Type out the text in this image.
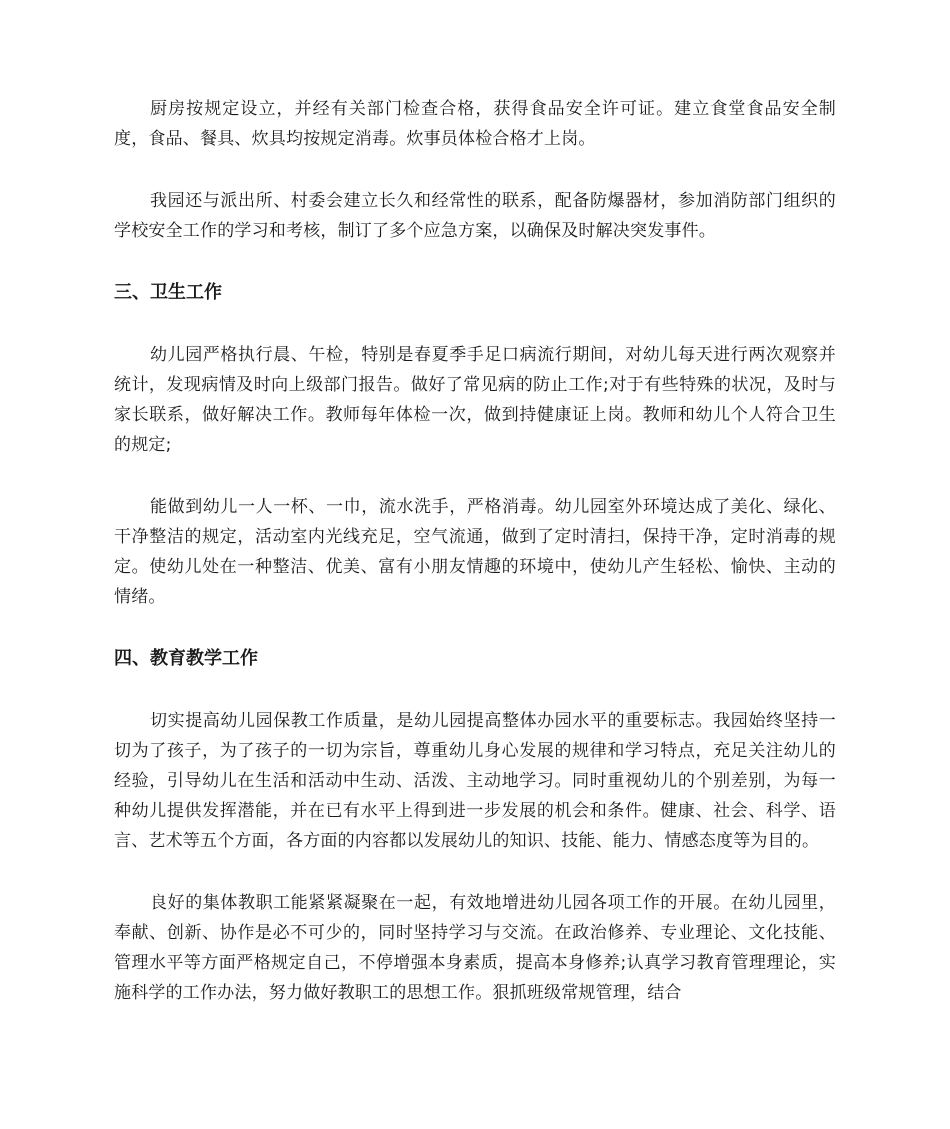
厨房按规定设立，并经有关部门检查合格，获得食品安全许可证。建立食堂食品安全制度，食品、餐具、炊具均按规定消毒。炊事员体检合格才上岗。

我园还与派出所、村委会建立长久和经常性的联系，配备防爆器材，参加消防部门组织的学校安全工作的学习和考核，制订了多个应急方案，以确保及时解决突发事件。

三、卫生工作

幼儿园严格执行晨、午检，特别是春夏季手足口病流行期间，对幼儿每天进行两次观察并统计，发现病情及时向上级部门报告。做好了常见病的防止工作;对于有些特殊的状况，及时与家长联系，做好解决工作。教师每年体检一次，做到持健康证上岗。教师和幼儿个人符合卫生的规定;

能做到幼儿一人一杯、一巾，流水洗手，严格消毒。幼儿园室外环境达成了美化、绿化、干净整洁的规定，活动室内光线充足，空气流通，做到了定时清扫，保持干净，定时消毒的规定。使幼儿处在一种整洁、优美、富有小朋友情趣的环境中，使幼儿产生轻松、愉快、主动的情绪。

四、教育教学工作

切实提高幼儿园保教工作质量，是幼儿园提高整体办园水平的重要标志。我园始终坚持一切为了孩子，为了孩子的一切为宗旨，尊重幼儿身心发展的规律和学习特点，充足关注幼儿的经验，引导幼儿在生活和活动中生动、活泼、主动地学习。同时重视幼儿的个别差别，为每一种幼儿提供发挥潜能，并在已有水平上得到进一步发展的机会和条件。健康、社会、科学、语言、艺术等五个方面，各方面的内容都以发展幼儿的知识、技能、能力、情感态度等为目的。

良好的集体教职工能紧紧凝聚在一起，有效地增进幼儿园各项工作的开展。在幼儿园里，奉献、创新、协作是必不可少的，同时坚持学习与交流。在政治修养、专业理论、文化技能、管理水平等方面严格规定自己，不停增强本身素质，提高本身修养;认真学习教育管理理论，实施科学的工作办法，努力做好教职工的思想工作。狠抓班级常规管理，结合
